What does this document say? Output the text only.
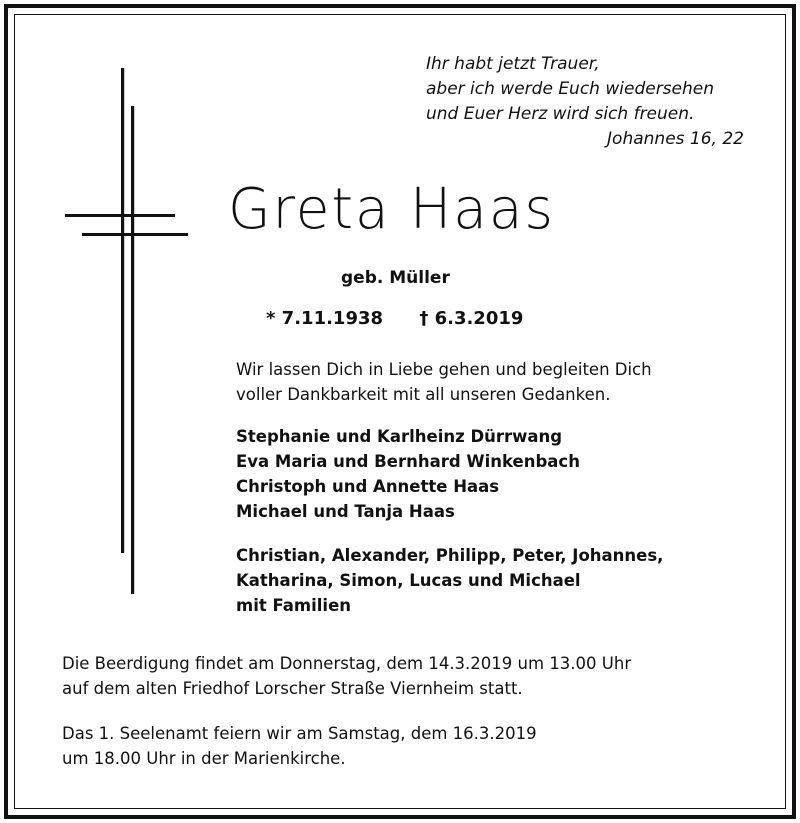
Ihr habt jetzt Trauer,
aber ich werde Euch wiedersehen
und Euer Herz wird sich freuen.
Johannes 16, 22
Greta Haas
geb. Müller
* 7.11.1938 † 6.3.2019
Wir lassen Dich in Liebe gehen und begleiten Dich
voller Dankbarkeit mit all unseren Gedanken.
Stephanie und Karlheinz Dürrwang
Eva Maria und Bernhard Winkenbach
Christoph und Annette Haas
Michael und Tanja Haas
Christian, Alexander, Philipp, Peter, Johannes,
Katharina, Simon, Lucas und Michael
mit Familien
Die Beerdigung findet am Donnerstag, dem 14.3.2019 um 13.00 Uhr
auf dem alten Friedhof Lorscher Straße Viernheim statt.
Das 1. Seelenamt feiern wir am Samstag, dem 16.3.2019
um 18.00 Uhr in der Marienkirche.
